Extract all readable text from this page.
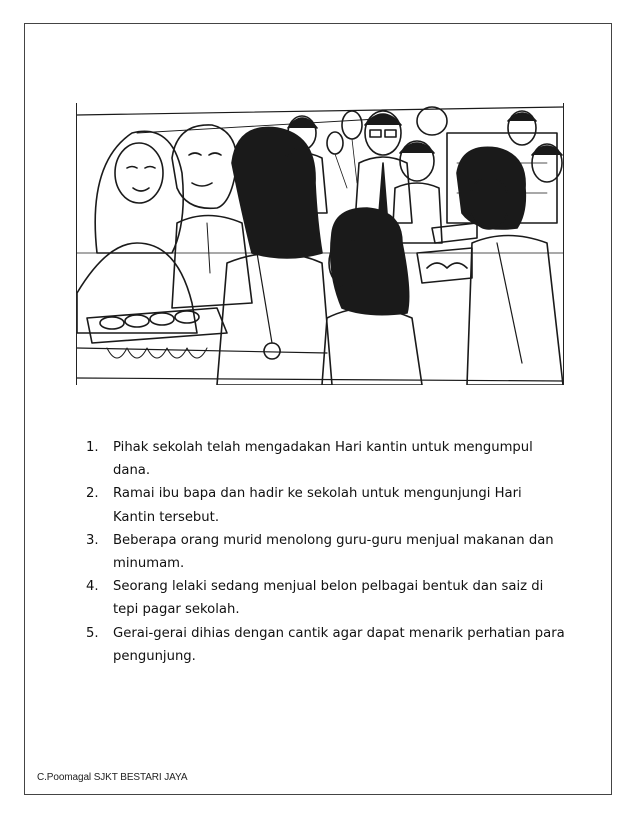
1. Pihak sekolah telah mengadakan Hari kantin untuk mengumpul dana.
2. Ramai ibu bapa dan hadir ke sekolah untuk mengunjungi Hari Kantin tersebut.
3. Beberapa orang murid menolong guru-guru menjual makanan dan minumam.
4. Seorang lelaki sedang menjual belon pelbagai bentuk dan saiz di tepi pagar sekolah.
5. Gerai-gerai dihias dengan cantik agar dapat menarik perhatian para pengunjung.
C.Poomagal SJKT BESTARI JAYA
